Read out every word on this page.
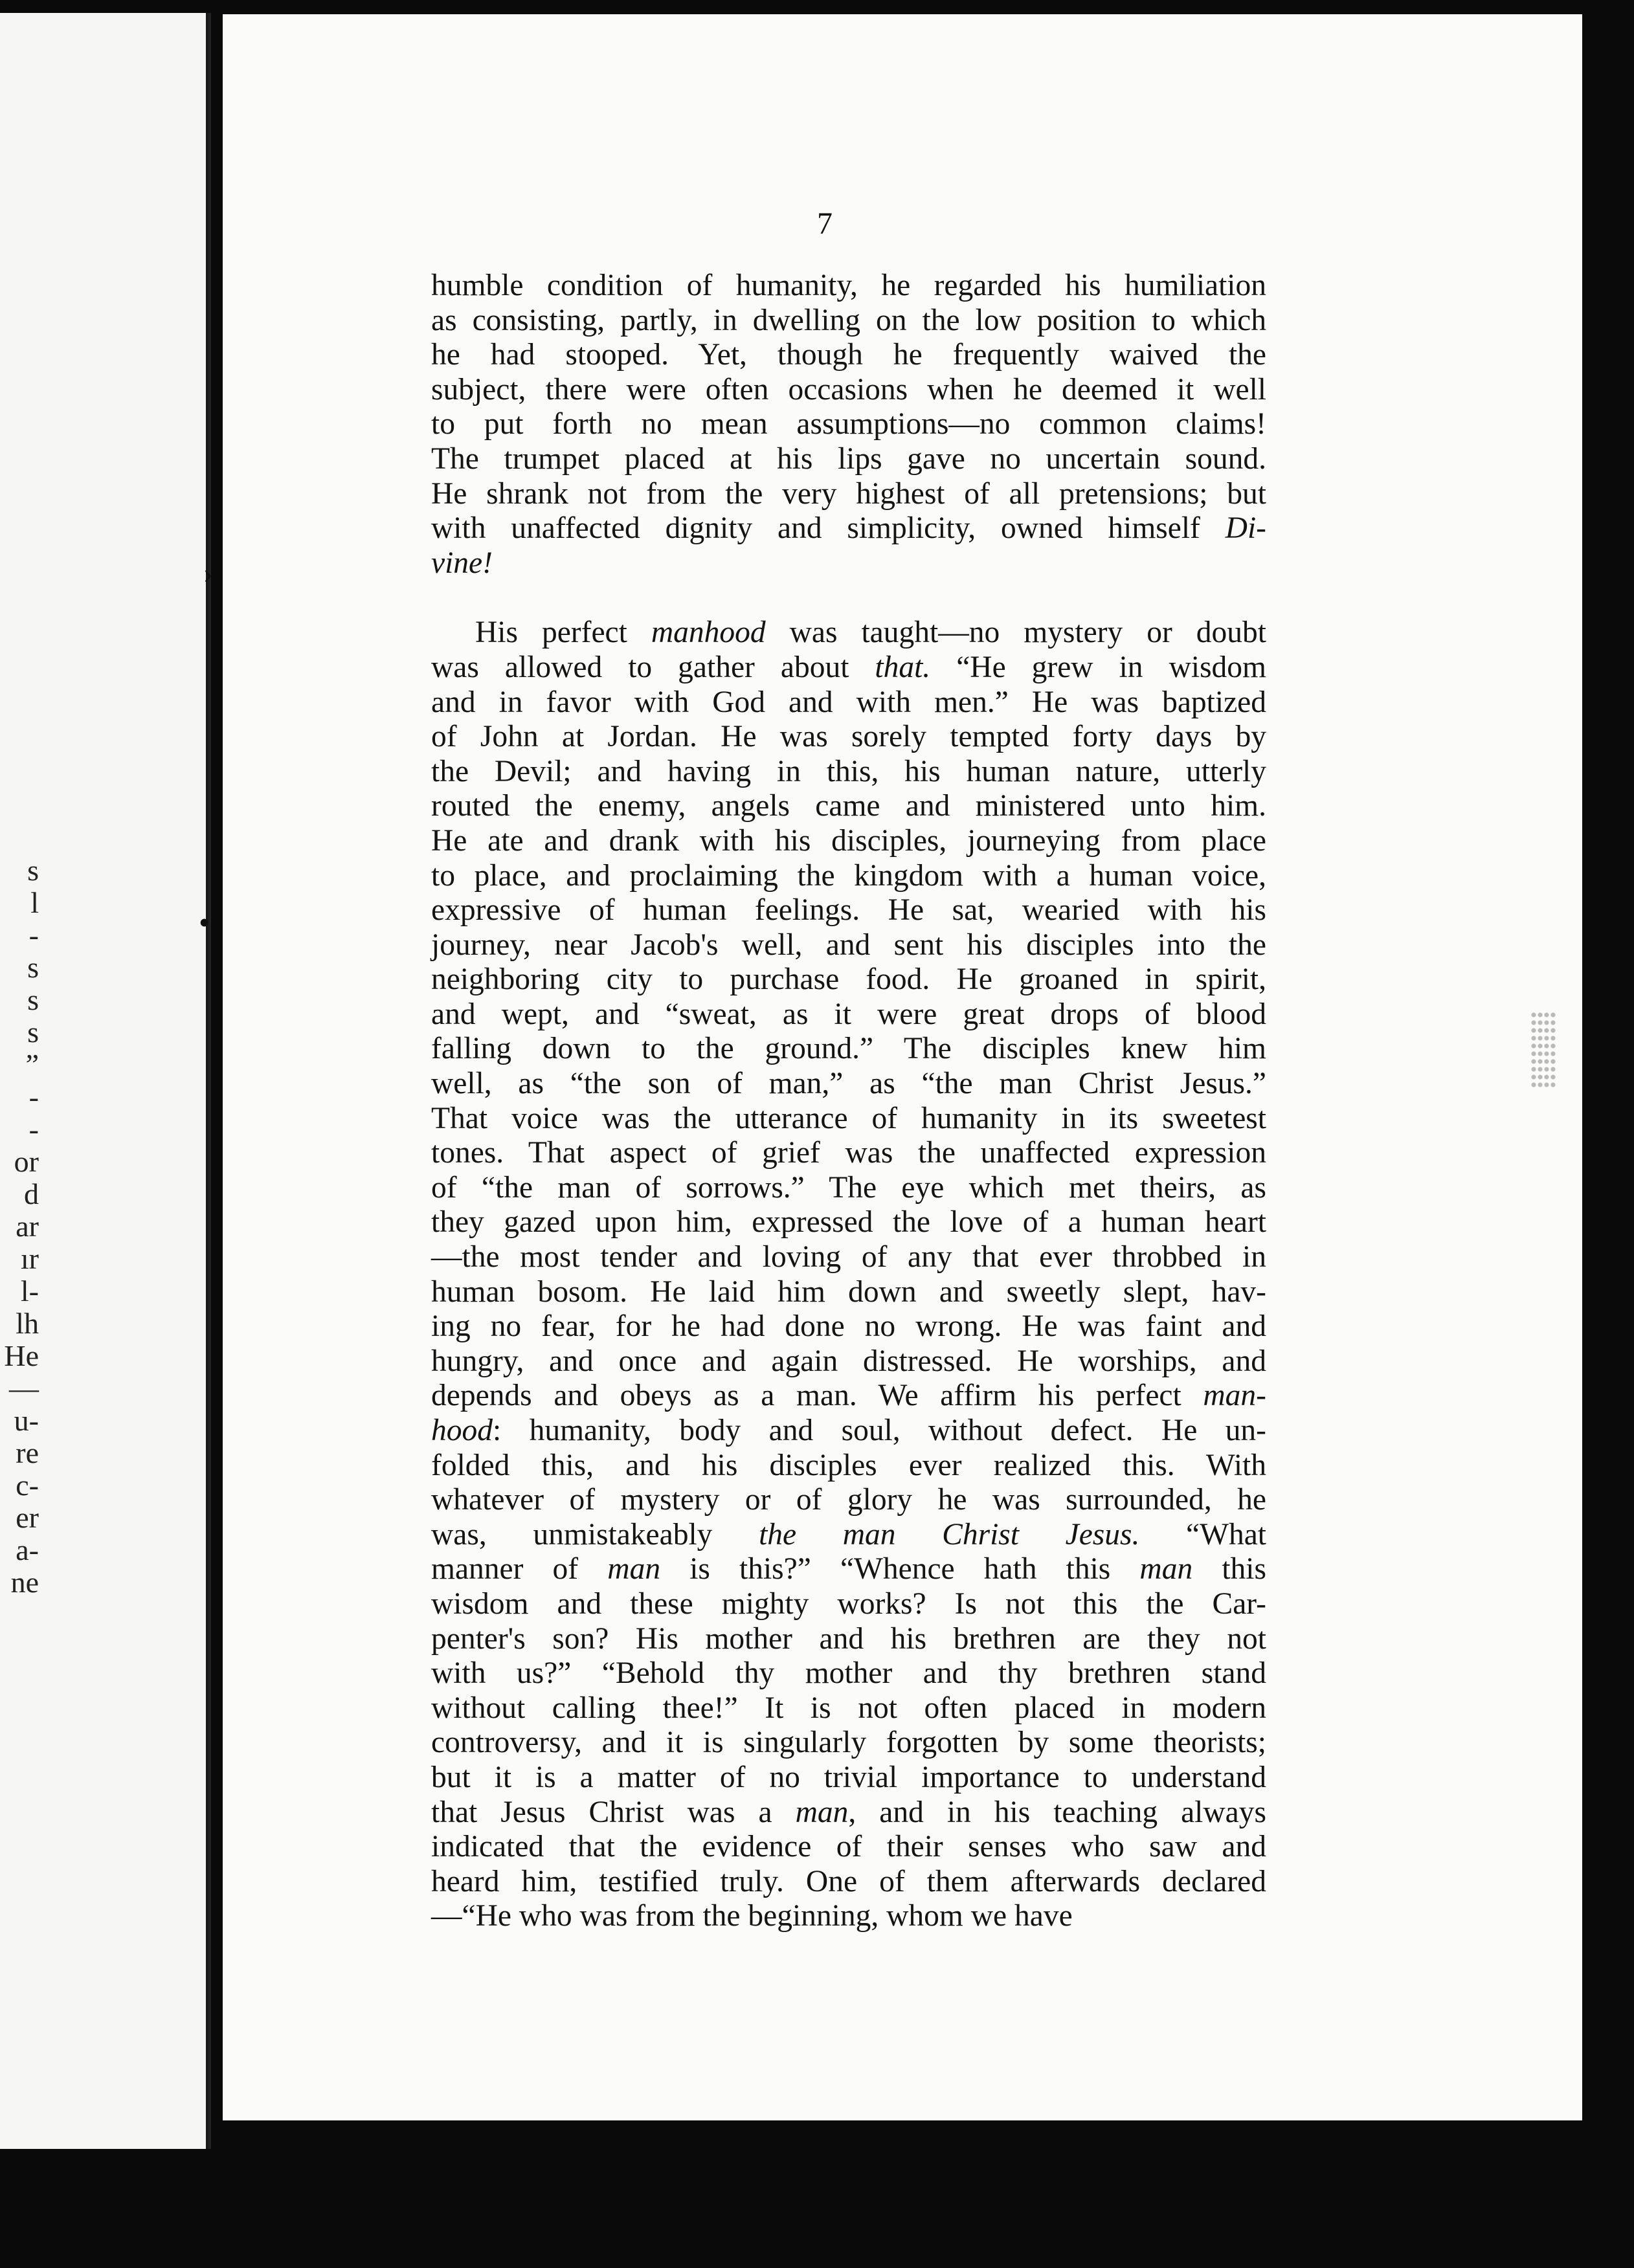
s
l
-
s
s
s
”
-
-
or
d
ar
ır
l-
lh
He
—
u-
re
c-
er
a-
ne
›
•
7
humble condition of humanity, he regarded his humiliation
as consisting, partly, in dwelling on the low position to which
he had stooped. Yet, though he frequently waived the
subject, there were often occasions when he deemed it well
to put forth no mean assumptions—no common claims!
The trumpet placed at his lips gave no uncertain sound.
He shrank not from the very highest of all pretensions; but
with unaffected dignity and simplicity, owned himself Di-
vine!
His perfect manhood was taught—no mystery or doubt
was allowed to gather about that. “He grew in wisdom
and in favor with God and with men.” He was baptized
of John at Jordan. He was sorely tempted forty days by
the Devil; and having in this, his human nature, utterly
routed the enemy, angels came and ministered unto him.
He ate and drank with his disciples, journeying from place
to place, and proclaiming the kingdom with a human voice,
expressive of human feelings. He sat, wearied with his
journey, near Jacob's well, and sent his disciples into the
neighboring city to purchase food. He groaned in spirit,
and wept, and “sweat, as it were great drops of blood
falling down to the ground.” The disciples knew him
well, as “the son of man,” as “the man Christ Jesus.”
That voice was the utterance of humanity in its sweetest
tones. That aspect of grief was the unaffected expression
of “the man of sorrows.” The eye which met theirs, as
they gazed upon him, expressed the love of a human heart
—the most tender and loving of any that ever throbbed in
human bosom. He laid him down and sweetly slept, hav-
ing no fear, for he had done no wrong. He was faint and
hungry, and once and again distressed. He worships, and
depends and obeys as a man. We affirm his perfect man-
hood: humanity, body and soul, without defect. He un-
folded this, and his disciples ever realized this. With
whatever of mystery or of glory he was surrounded, he
was, unmistakeably the man Christ Jesus. “What
manner of man is this?” “Whence hath this man this
wisdom and these mighty works? Is not this the Car-
penter's son? His mother and his brethren are they not
with us?” “Behold thy mother and thy brethren stand
without calling thee!” It is not often placed in modern
controversy, and it is singularly forgotten by some theorists;
but it is a matter of no trivial importance to understand
that Jesus Christ was a man, and in his teaching always
indicated that the evidence of their senses who saw and
heard him, testified truly. One of them afterwards declared
—“He who was from the beginning, whom we have
